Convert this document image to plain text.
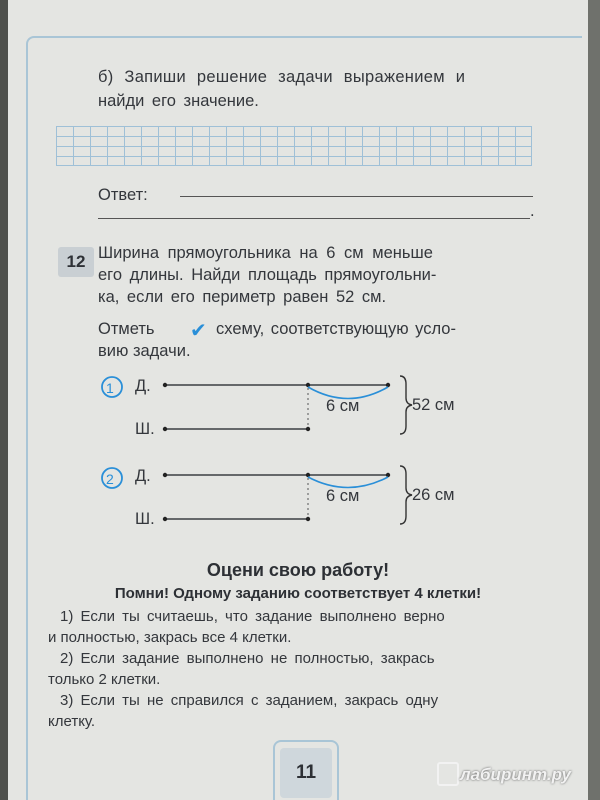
б) Запиши решение задачи выражением и
найди его значение.
Ответ:
.
12 Ширина прямоугольника на 6 см меньше
его длины. Найди площадь прямоугольни-
ка, если его периметр равен 52 см.
Отметь ✔ схему, соответствующую усло-
вию задачи.
1 Д.
Ш.
6 см	52 см
2 Д.
Ш.
6 см	26 см
Оцени свою работу!
Помни! Одному заданию соответствует 4 клетки!
1) Если ты считаешь, что задание выполнено верно
и полностью, закрась все 4 клетки.
2) Если задание выполнено не полностью, закрась
только 2 клетки.
3) Если ты не справился с заданием, закрась одну
клетку.
11	лабиринт.ру
